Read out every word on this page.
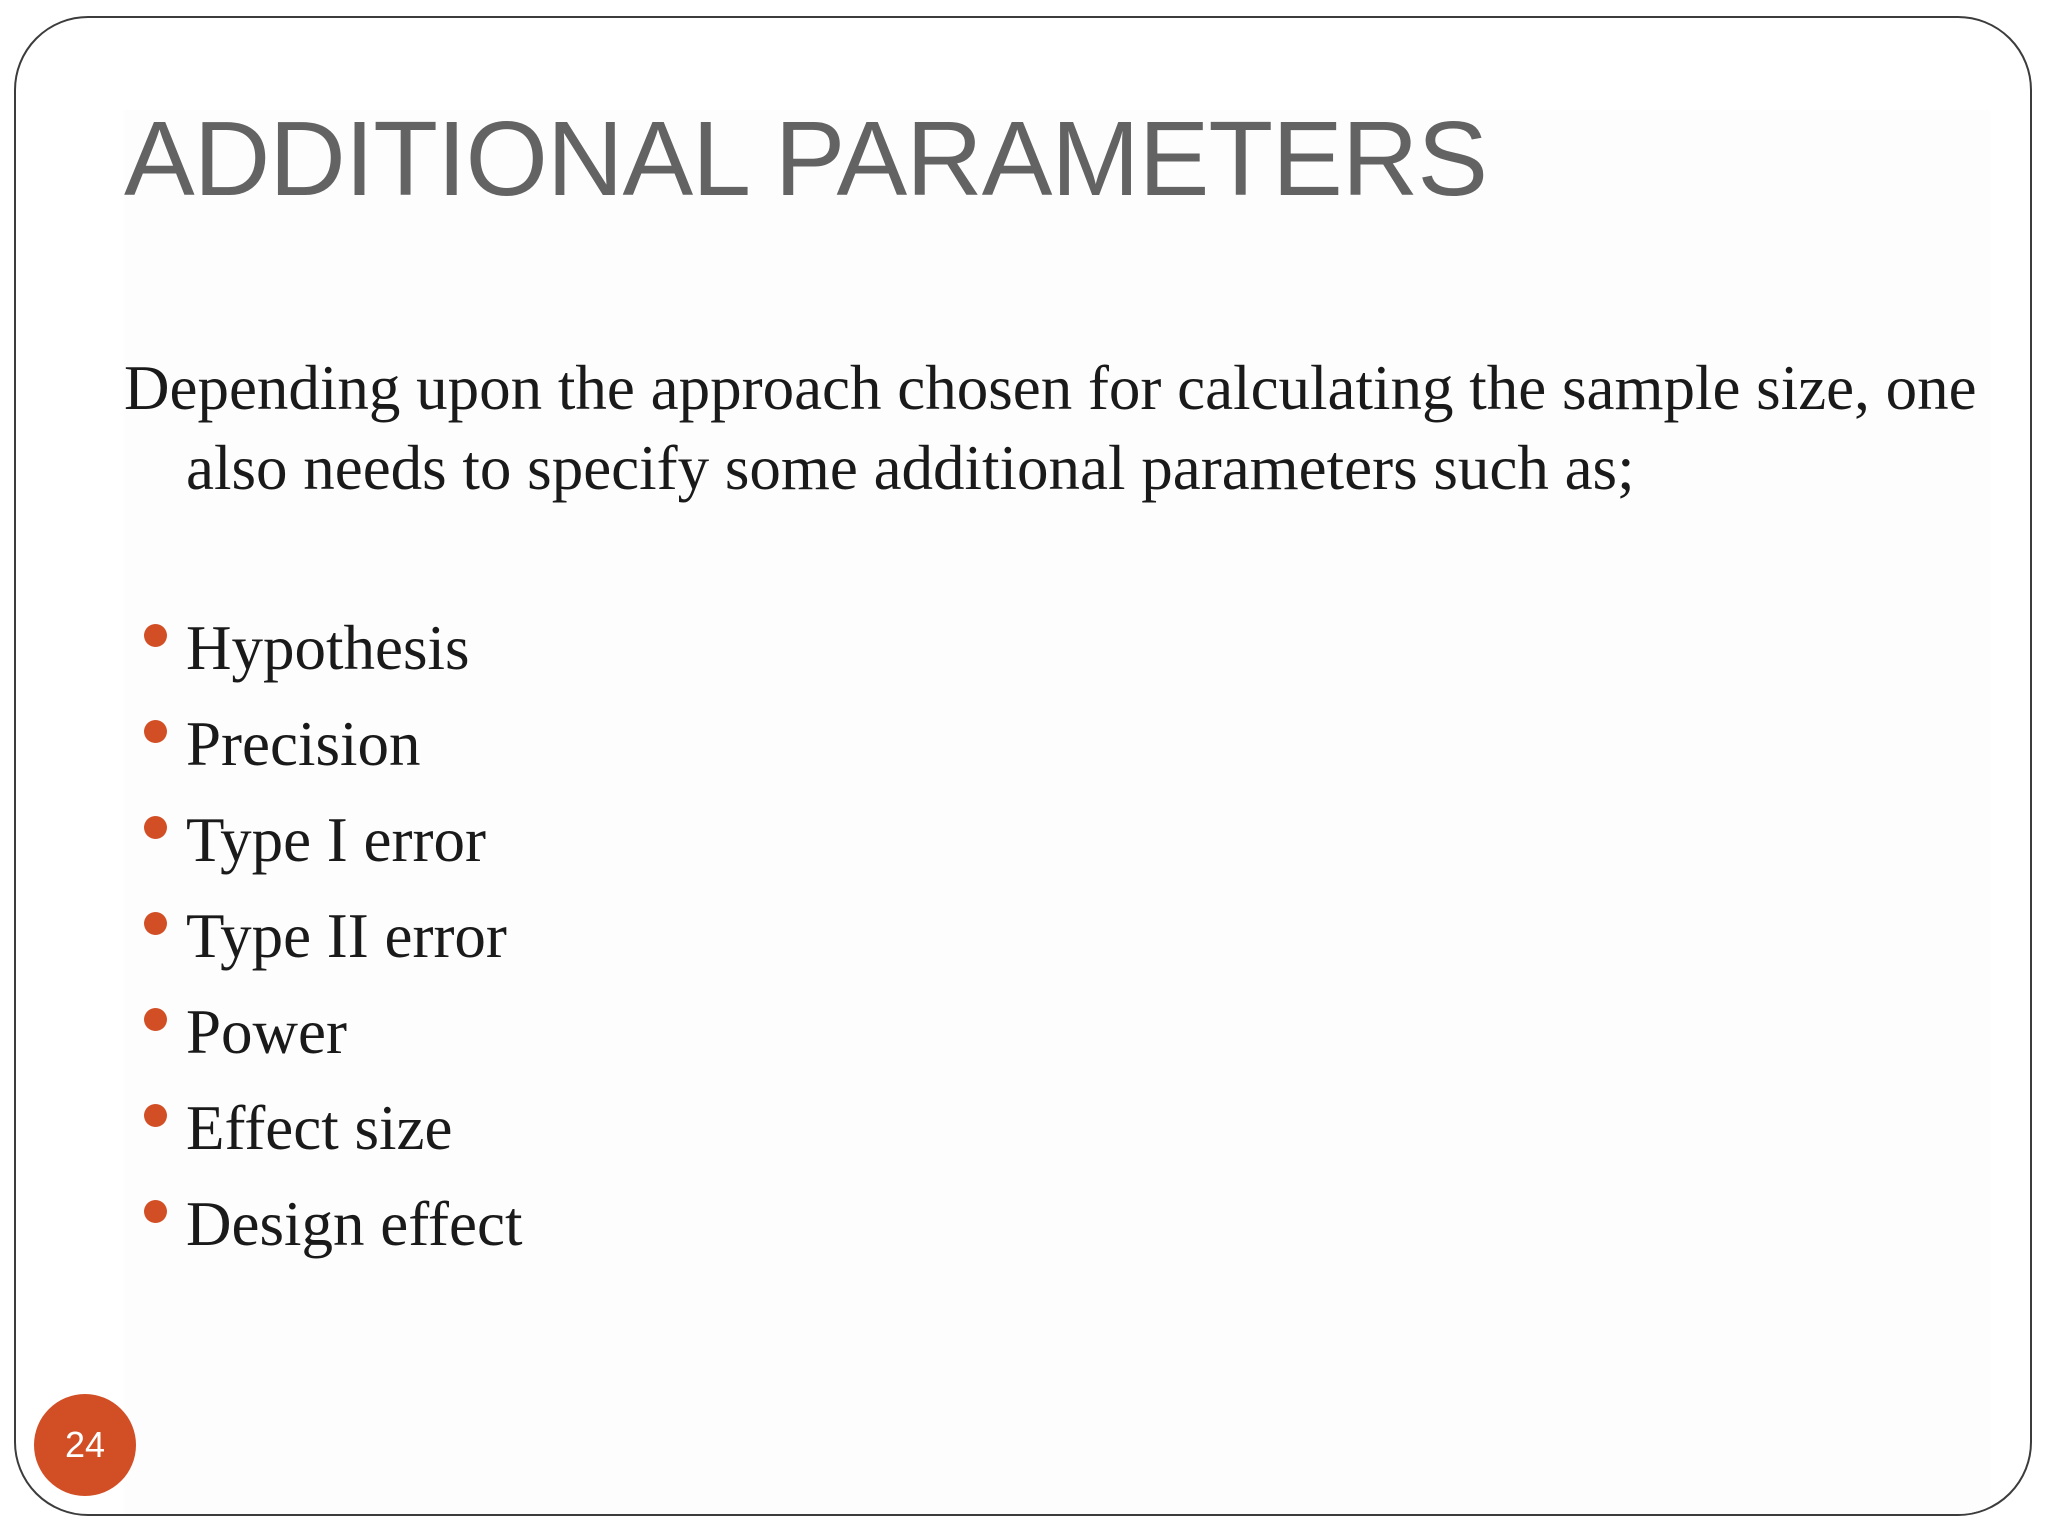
ADDITIONAL PARAMETERS

Depending upon the approach chosen for calculating the sample size, one also needs to specify some additional parameters such as;

Hypothesis
Precision
Type I error
Type II error
Power
Effect size
Design effect
24
